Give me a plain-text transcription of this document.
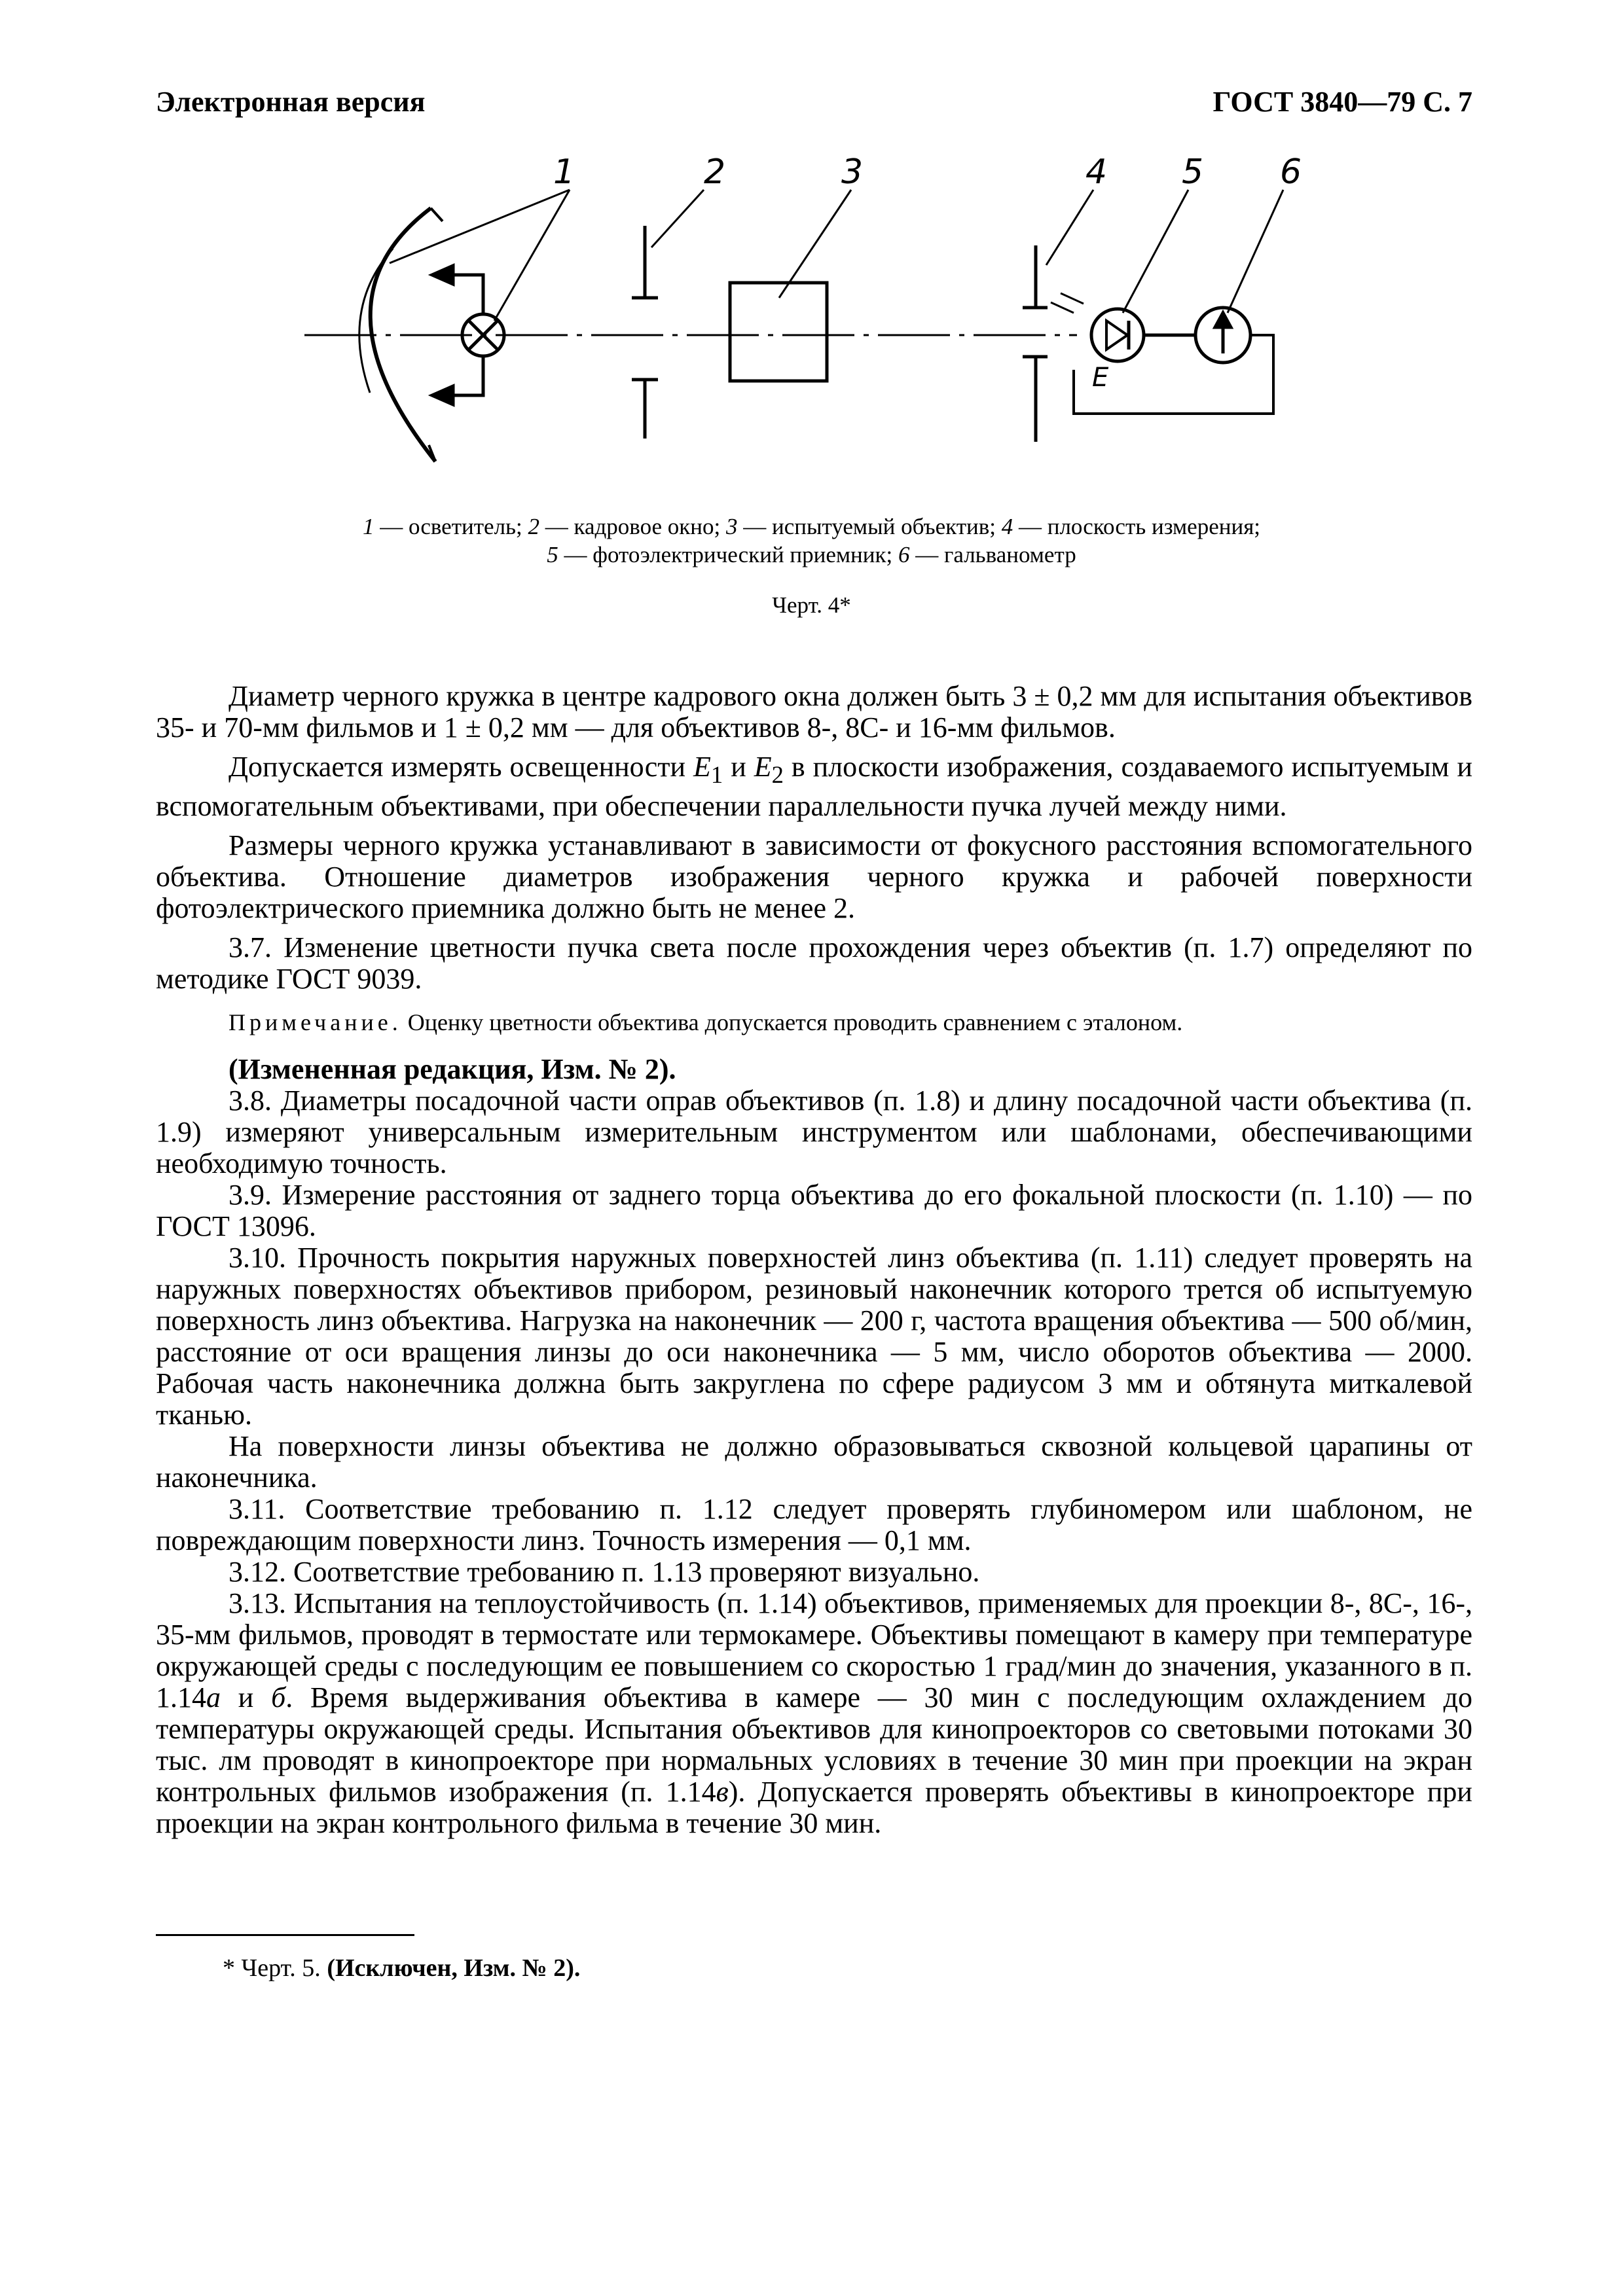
Электронная версия	ГОСТ 3840—79 С. 7
1	2	3	4 5 6
E
1 — осветитель; 2 — кадровое окно; 3 — испытуемый объектив; 4 — плоскость измерения;
5 — фотоэлектрический приемник; 6 — гальванометр
Черт. 4*

Диаметр черного кружка в центре кадрового окна должен быть 3 ± 0,2 мм для испытания объективов 35- и 70-мм фильмов и 1 ± 0,2 мм — для объективов 8-, 8С- и 16-мм фильмов.

Допускается измерять освещенности $E_1$ и $E_2$ в плоскости изображения, создаваемого испытуемым и вспомогательным объективами, при обеспечении параллельности пучка лучей между ними.

Размеры черного кружка устанавливают в зависимости от фокусного расстояния вспомогательного объектива. Отношение диаметров изображения черного кружка и рабочей поверхности фотоэлектрического приемника должно быть не менее 2.

3.7. Изменение цветности пучка света после прохождения через объектив (п. 1.7) определяют по методике ГОСТ 9039.

Примечание. Оценку цветности объектива допускается проводить сравнением с эталоном.

(Измененная редакция, Изм. № 2).

3.8. Диаметры посадочной части оправ объективов (п. 1.8) и длину посадочной части объектива (п. 1.9) измеряют универсальным измерительным инструментом или шаблонами, обеспечивающими необходимую точность.

3.9. Измерение расстояния от заднего торца объектива до его фокальной плоскости (п. 1.10) — по ГОСТ 13096.

3.10. Прочность покрытия наружных поверхностей линз объектива (п. 1.11) следует проверять на наружных поверхностях объективов прибором, резиновый наконечник которого трется об испытуемую поверхность линз объектива. Нагрузка на наконечник — 200 г, частота вращения объектива — 500 об/мин, расстояние от оси вращения линзы до оси наконечника — 5 мм, число оборотов объектива — 2000. Рабочая часть наконечника должна быть закруглена по сфере радиусом 3 мм и обтянута миткалевой тканью.

На поверхности линзы объектива не должно образовываться сквозной кольцевой царапины от наконечника.

3.11. Соответствие требованию п. 1.12 следует проверять глубиномером или шаблоном, не повреждающим поверхности линз. Точность измерения — 0,1 мм.

3.12. Соответствие требованию п. 1.13 проверяют визуально.

3.13. Испытания на теплоустойчивость (п. 1.14) объективов, применяемых для проекции 8-, 8С-, 16-, 35-мм фильмов, проводят в термостате или термокамере. Объективы помещают в камеру при температуре окружающей среды с последующим ее повышением со скоростью 1 град/мин до значения, указанного в п. 1.14а и б. Время выдерживания объектива в камере — 30 мин с последующим охлаждением до температуры окружающей среды. Испытания объективов для кинопроекторов со световыми потоками 30 тыс. лм проводят в кинопроекторе при нормальных условиях в течение 30 мин при проекции на экран контрольных фильмов изображения (п. 1.14в). Допускается проверять объективы в кинопроекторе при проекции на экран контрольного фильма в течение 30 мин.

* Черт. 5. (Исключен, Изм. № 2).
